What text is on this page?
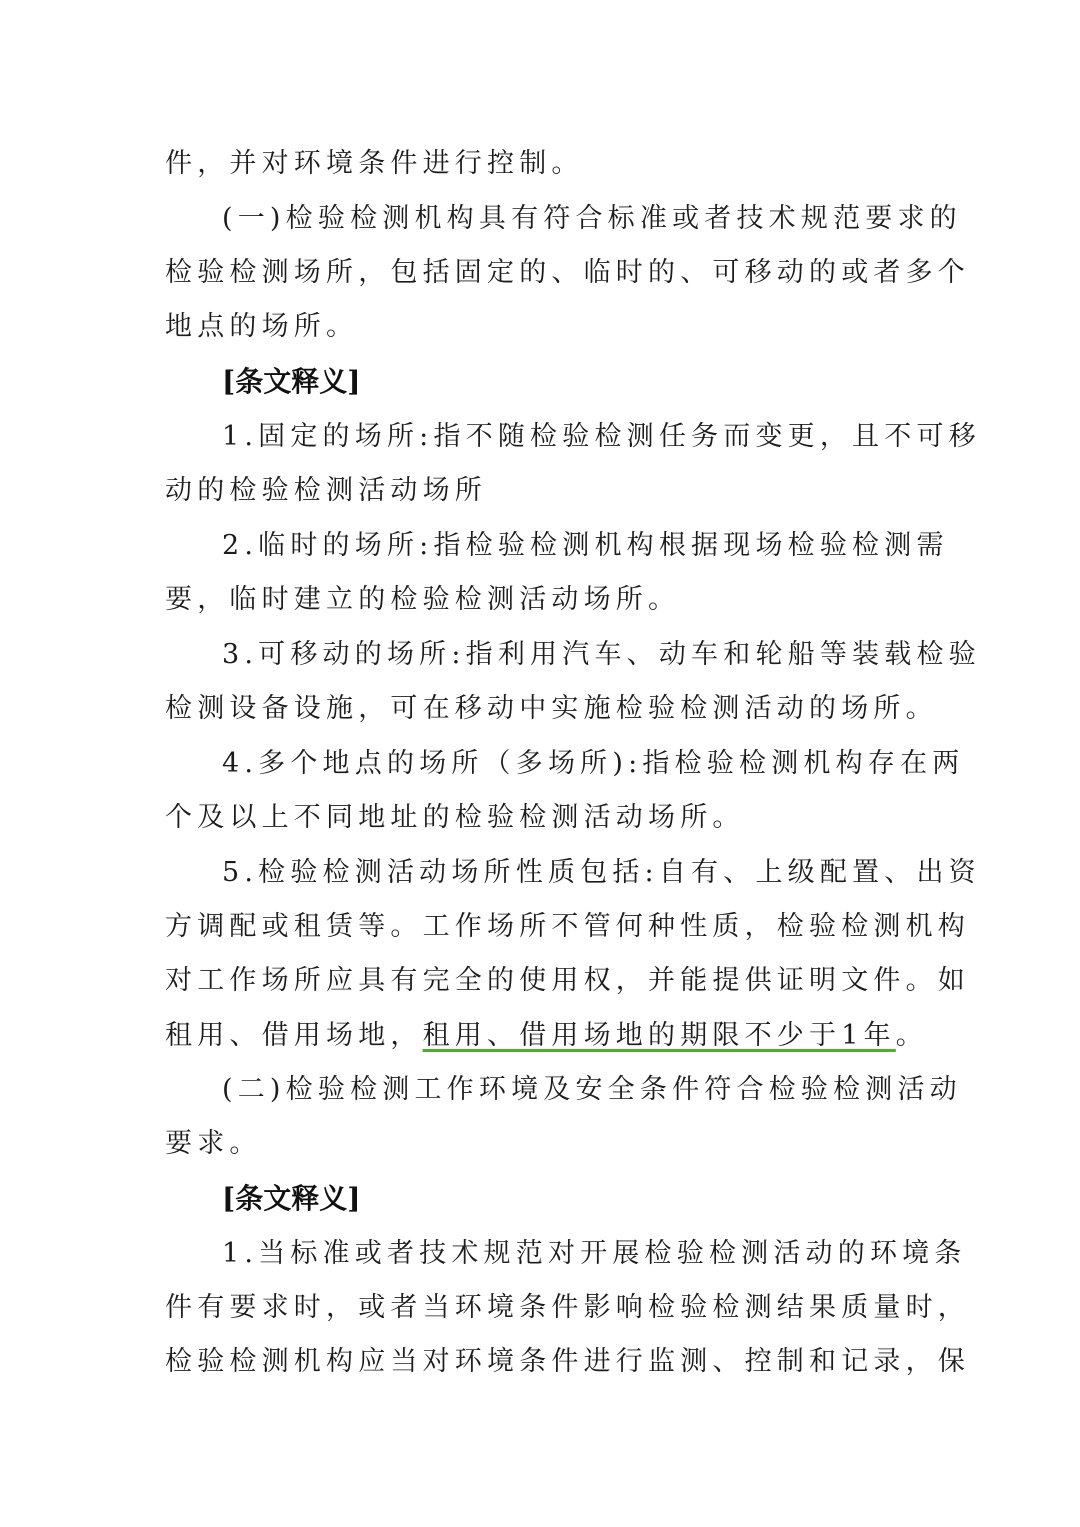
件，并对环境条件进行控制。
(一)检验检测机构具有符合标准或者技术规范要求的
检验检测场所，包括固定的、临时的、可移动的或者多个
地点的场所。
[条文释义]
1.固定的场所:指不随检验检测任务而变更，且不可移
动的检验检测活动场所
2.临时的场所:指检验检测机构根据现场检验检测需
要，临时建立的检验检测活动场所。
3.可移动的场所:指利用汽车、动车和轮船等装载检验
检测设备设施，可在移动中实施检验检测活动的场所。
4.多个地点的场所（多场所):指检验检测机构存在两
个及以上不同地址的检验检测活动场所。
5.检验检测活动场所性质包括:自有、上级配置、出资
方调配或租赁等。工作场所不管何种性质，检验检测机构
对工作场所应具有完全的使用权，并能提供证明文件。如
租用、借用场地，租用、借用场地的期限不少于1年。
(二)检验检测工作环境及安全条件符合检验检测活动
要求。
[条文释义]
1.当标准或者技术规范对开展检验检测活动的环境条
件有要求时，或者当环境条件影响检验检测结果质量时，
检验检测机构应当对环境条件进行监测、控制和记录，保
